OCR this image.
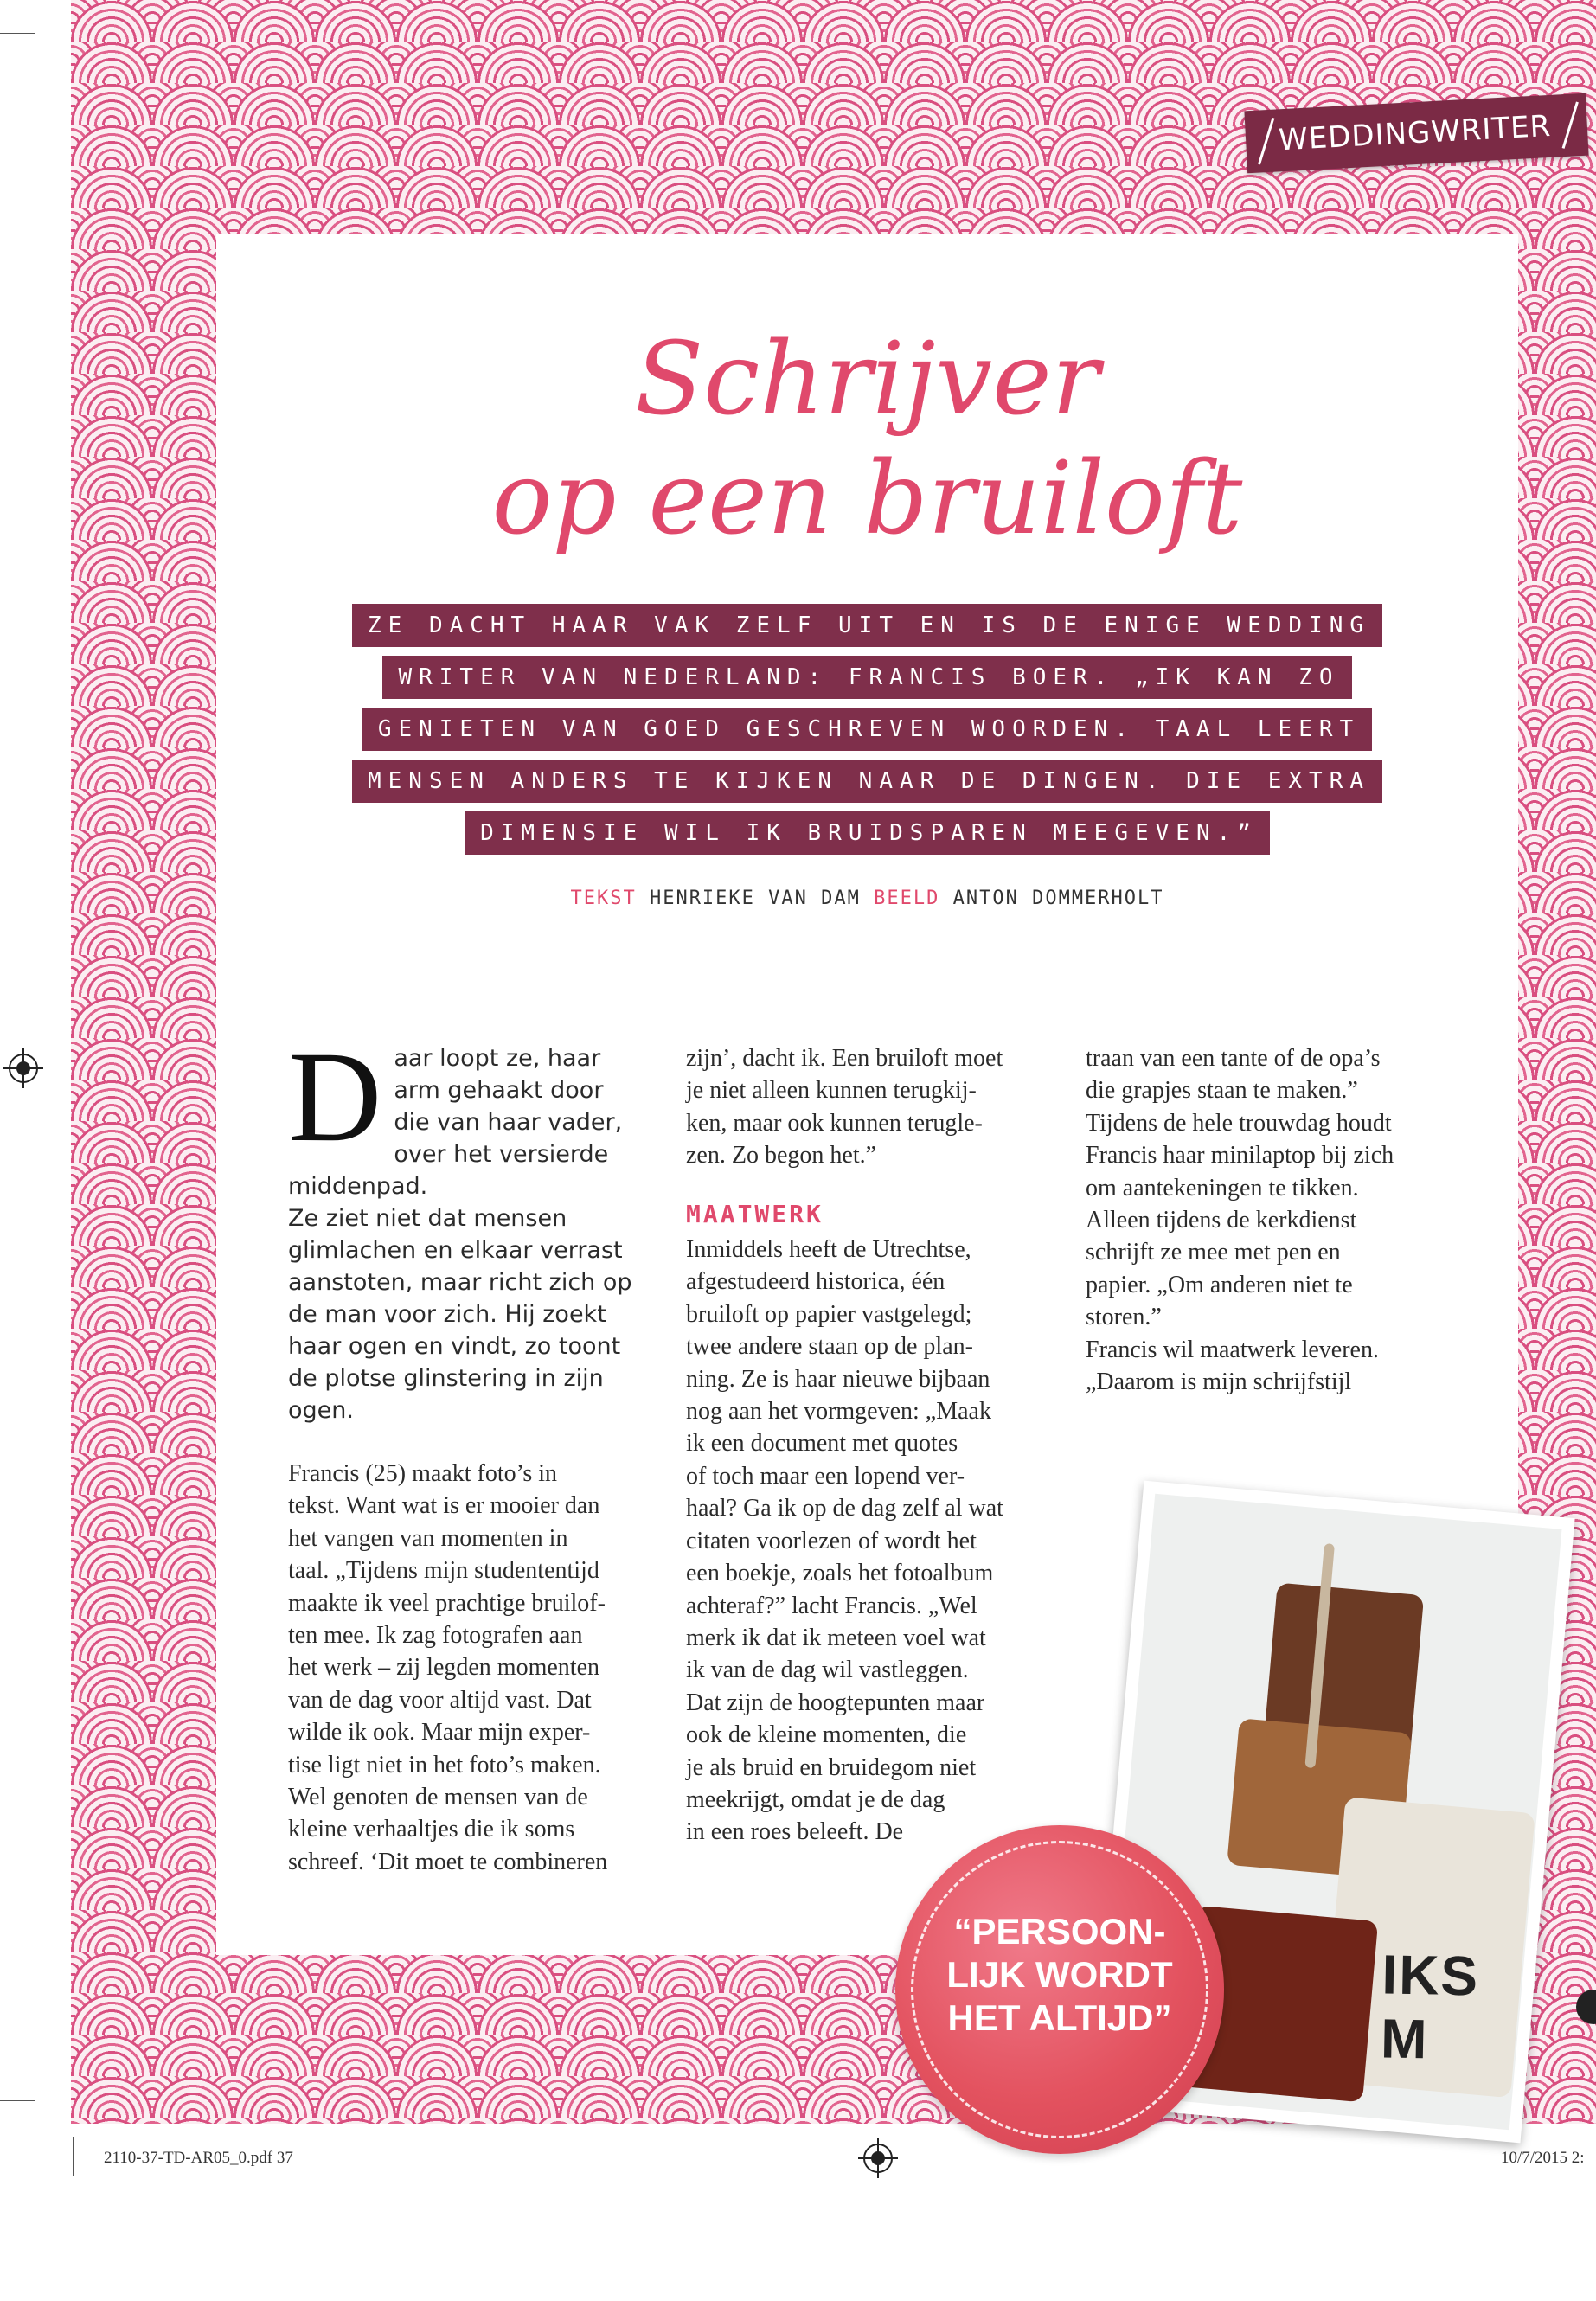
WEDDINGWRITER
Schrijver
op een bruiloft
ZE DACHT HAAR VAK ZELF UIT EN IS DE ENIGE WEDDING
WRITER VAN NEDERLAND: FRANCIS BOER. „IK KAN ZO
GENIETEN VAN GOED GESCHREVEN WOORDEN. TAAL LEERT
MENSEN ANDERS TE KIJKEN NAAR DE DINGEN. DIE EXTRA
DIMENSIE WIL IK BRUIDSPAREN MEEGEVEN.”
TEKST HENRIEKE VAN DAM BEELD ANTON DOMMERHOLT
D aar loopt ze, haar
arm gehaakt door
die van haar vader,
over het versierde middenpad.
Ze ziet niet dat mensen
glimlachen en elkaar verrast
aanstoten, maar richt zich op
de man voor zich. Hij zoekt
haar ogen en vindt, zo toont
de plotse glinstering in zijn
ogen.

Francis (25) maakt foto’s in
tekst. Want wat is er mooier dan
het vangen van momenten in
taal. „Tijdens mijn studententijd
maakte ik veel prachtige bruilof-
ten mee. Ik zag fotografen aan
het werk – zij legden momenten
van de dag voor altijd vast. Dat
wilde ik ook. Maar mijn exper-
tise ligt niet in het foto’s maken.
Wel genoten de mensen van de
kleine verhaaltjes die ik soms
schreef. ‘Dit moet te combineren

zijn’, dacht ik. Een bruiloft moet
je niet alleen kunnen terugkij-
ken, maar ook kunnen terugle-
zen. Zo begon het.”

MAATWERK

Inmiddels heeft de Utrechtse,
afgestudeerd historica, één
bruiloft op papier vastgelegd;
twee andere staan op de plan-
ning. Ze is haar nieuwe bijbaan
nog aan het vormgeven: „Maak
ik een document met quotes
of toch maar een lopend ver-
haal? Ga ik op de dag zelf al wat
citaten voorlezen of wordt het
een boekje, zoals het fotoalbum
achteraf?” lacht Francis. „Wel
merk ik dat ik meteen voel wat
ik van de dag wil vastleggen.
Dat zijn de hoogtepunten maar
ook de kleine momenten, die
je als bruid en bruidegom niet
meekrijgt, omdat je de dag
in een roes beleeft. De

traan van een tante of de opa’s
die grapjes staan te maken.”
Tijdens de hele trouwdag houdt
Francis haar minilaptop bij zich
om aantekeningen te tikken.
Alleen tijdens de kerkdienst
schrijft ze mee met pen en
papier. „Om anderen niet te
storen.”
Francis wil maatwerk leveren.
„Daarom is mijn schrijfstijl

IKS M
“PERSOON-
LIJK WORDT
HET ALTIJD”
2110-37-TD-AR05_0.pdf 37	10/7/2015 2:
